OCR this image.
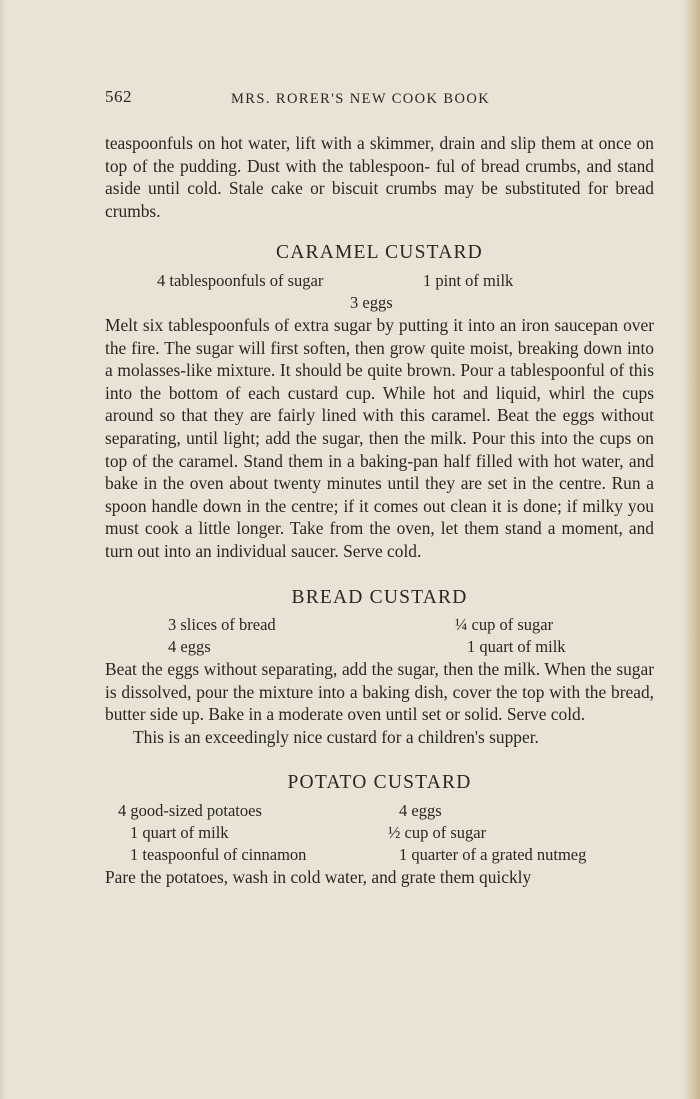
562	MRS. RORER'S NEW COOK BOOK

teaspoonfuls on hot water, lift with a skimmer, drain and slip them at once on top of the pudding. Dust with the tablespoon- ful of bread crumbs, and stand aside until cold. Stale cake or biscuit crumbs may be substituted for bread crumbs.

CARAMEL CUSTARD
4 tablespoonfuls of sugar	1 pint of milk
3 eggs

Melt six tablespoonfuls of extra sugar by putting it into an iron saucepan over the fire. The sugar will first soften, then grow quite moist, breaking down into a molasses-like mixture. It should be quite brown. Pour a tablespoonful of this into the bottom of each custard cup. While hot and liquid, whirl the cups around so that they are fairly lined with this caramel. Beat the eggs without separating, until light; add the sugar, then the milk. Pour this into the cups on top of the caramel. Stand them in a baking-pan half filled with hot water, and bake in the oven about twenty minutes until they are set in the centre. Run a spoon handle down in the centre; if it comes out clean it is done; if milky you must cook a little longer. Take from the oven, let them stand a moment, and turn out into an individual saucer. Serve cold.

BREAD CUSTARD
3 slices of bread	¼ cup of sugar
4 eggs	1 quart of milk

Beat the eggs without separating, add the sugar, then the milk. When the sugar is dissolved, pour the mixture into a baking dish, cover the top with the bread, butter side up. Bake in a moderate oven until set or solid. Serve cold.

This is an exceedingly nice custard for a children's supper.

POTATO CUSTARD
4 good-sized potatoes	4 eggs
1 quart of milk	½ cup of sugar
1 teaspoonful of cinnamon	1 quarter of a grated nutmeg

Pare the potatoes, wash in cold water, and grate them quickly
